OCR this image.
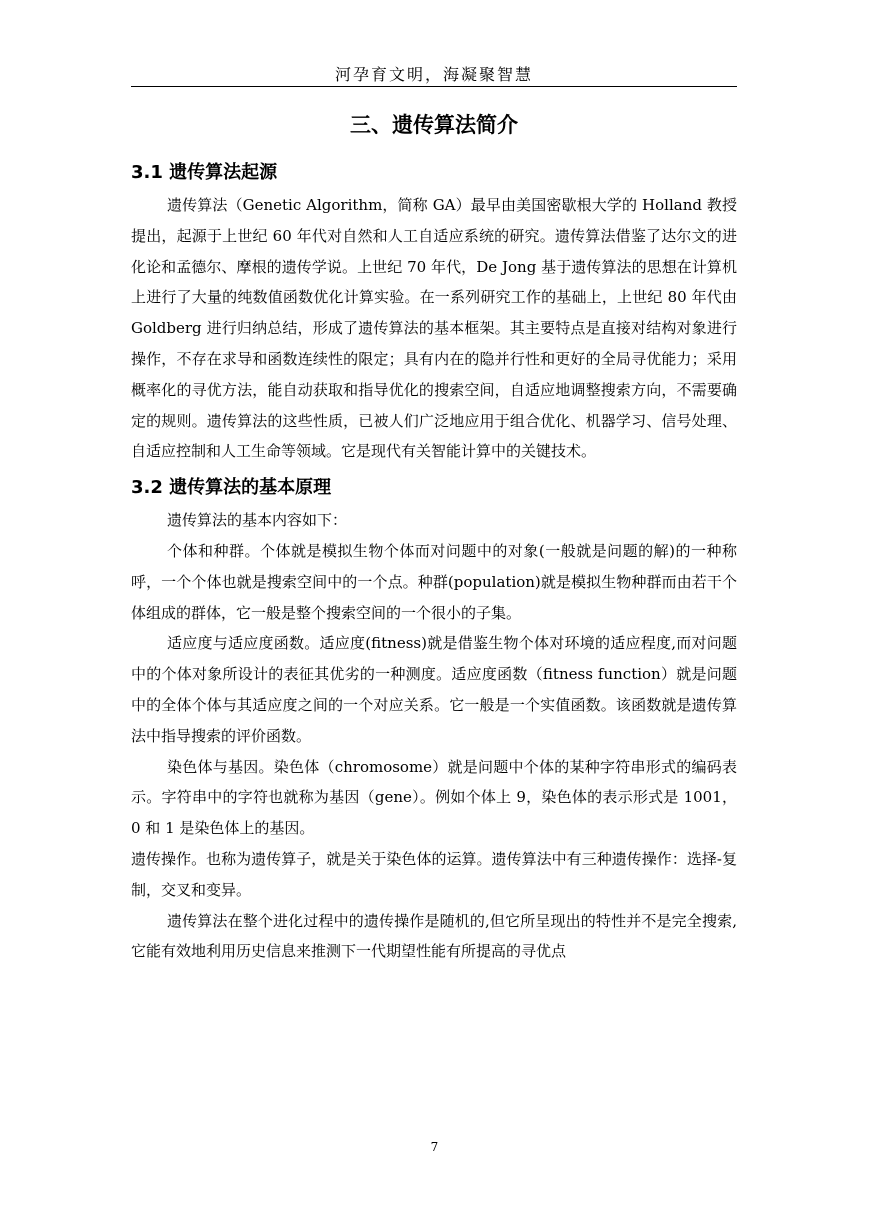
河孕育文明，海凝聚智慧
三、遗传算法简介
3.1 遗传算法起源

遗传算法（Genetic Algorithm，简称 GA）最早由美国密歇根大学的 Holland 教授提出，起源于上世纪 60 年代对自然和人工自适应系统的研究。遗传算法借鉴了达尔文的进化论和孟德尔、摩根的遗传学说。上世纪 70 年代，De Jong 基于遗传算法的思想在计算机上进行了大量的纯数值函数优化计算实验。在一系列研究工作的基础上，上世纪 80 年代由 Goldberg 进行归纳总结，形成了遗传算法的基本框架。其主要特点是直接对结构对象进行操作，不存在求导和函数连续性的限定；具有内在的隐并行性和更好的全局寻优能力；采用概率化的寻优方法，能自动获取和指导优化的搜索空间，自适应地调整搜索方向，不需要确定的规则。遗传算法的这些性质，已被人们广泛地应用于组合优化、机器学习、信号处理、自适应控制和人工生命等领域。它是现代有关智能计算中的关键技术。

3.2 遗传算法的基本原理

遗传算法的基本内容如下：

个体和种群。个体就是模拟生物个体而对问题中的对象(一般就是问题的解)的一种称呼，一个个体也就是搜索空间中的一个点。种群(population)就是模拟生物种群而由若干个体组成的群体，它一般是整个搜索空间的一个很小的子集。

适应度与适应度函数。适应度(fitness)就是借鉴生物个体对环境的适应程度,而对问题中的个体对象所设计的表征其优劣的一种测度。适应度函数（fitness function）就是问题中的全体个体与其适应度之间的一个对应关系。它一般是一个实值函数。该函数就是遗传算法中指导搜索的评价函数。

染色体与基因。染色体（chromosome）就是问题中个体的某种字符串形式的编码表示。字符串中的字符也就称为基因（gene）。例如个体上 9，染色体的表示形式是 1001，0 和 1 是染色体上的基因。

遗传操作。也称为遗传算子，就是关于染色体的运算。遗传算法中有三种遗传操作：选择-复制，交叉和变异。

遗传算法在整个进化过程中的遗传操作是随机的,但它所呈现出的特性并不是完全搜索,它能有效地利用历史信息来推测下一代期望性能有所提高的寻优点

7
